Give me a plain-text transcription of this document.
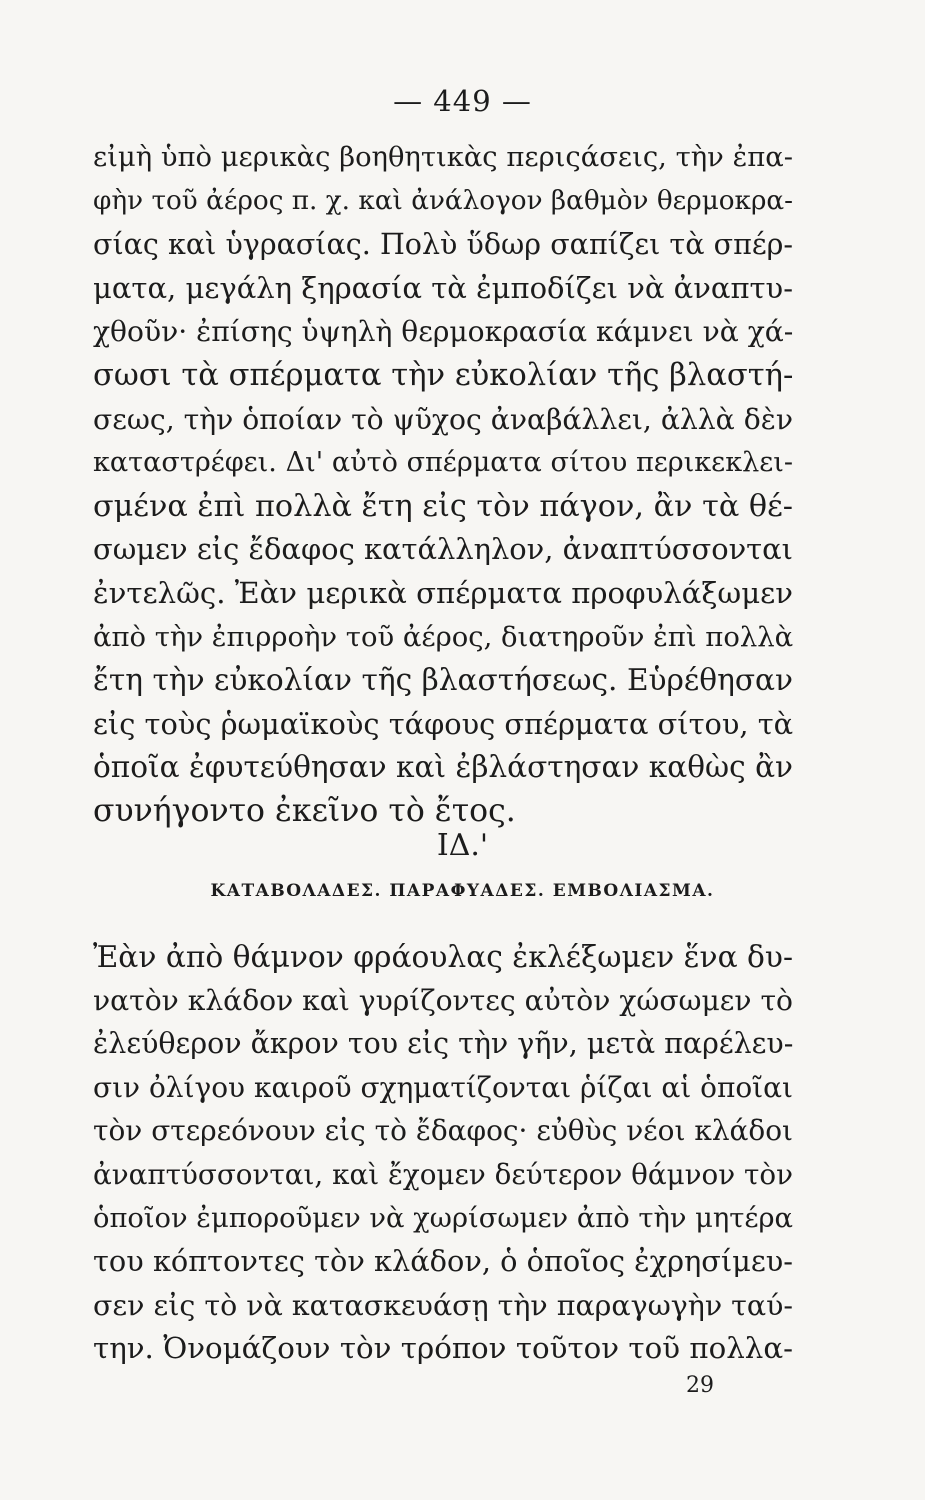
— 449 —
εἰμὴ ὑπὸ μερικὰς βοηθητικὰς περιςάσεις, τὴν ἐπα-
φὴν τοῦ ἀέρος π. χ. καὶ ἀνάλογον βαθμὸν θερμοκρα-
σίας καὶ ὑγρασίας. Πολὺ ὕδωρ σαπίζει τὰ σπέρ-
ματα, μεγάλη ξηρασία τὰ ἐμποδίζει νὰ ἀναπτυ-
χθοῦν· ἐπίσης ὑψηλὴ θερμοκρασία κάμνει νὰ χά-
σωσι τὰ σπέρματα τὴν εὐκολίαν τῆς βλαστή-
σεως, τὴν ὁποίαν τὸ ψῦχος ἀναβάλλει, ἀλλὰ δὲν
καταστρέφει. Δι' αὐτὸ σπέρματα σίτου περικεκλει-
σμένα ἐπὶ πολλὰ ἔτη εἰς τὸν πάγον, ἂν τὰ θέ-
σωμεν εἰς ἔδαφος κατάλληλον, ἀναπτύσσονται
ἐντελῶς. Ἐὰν μερικὰ σπέρματα προφυλάξωμεν
ἀπὸ τὴν ἐπιρροὴν τοῦ ἀέρος, διατηροῦν ἐπὶ πολλὰ
ἔτη τὴν εὐκολίαν τῆς βλαστήσεως. Εὑρέθησαν
εἰς τοὺς ῥωμαϊκοὺς τάφους σπέρματα σίτου, τὰ
ὁποῖα ἐφυτεύθησαν καὶ ἐβλάστησαν καθὼς ἂν
συνήγοντο ἐκεῖνο τὸ ἔτος.
ΙΔ.'
ΚΑΤΑΒΟΛΑΔΕΣ. ΠΑΡΑΦΥΑΔΕΣ. ΕΜΒΟΛΙΑΣΜΑ.
Ἐὰν ἀπὸ θάμνον φράουλας ἐκλέξωμεν ἕνα δυ-
νατὸν κλάδον καὶ γυρίζοντες αὐτὸν χώσωμεν τὸ
ἐλεύθερον ἄκρον του εἰς τὴν γῆν, μετὰ παρέλευ-
σιν ὀλίγου καιροῦ σχηματίζονται ῥίζαι αἱ ὁποῖαι
τὸν στερεόνουν εἰς τὸ ἔδαφος· εὐθὺς νέοι κλάδοι
ἀναπτύσσονται, καὶ ἔχομεν δεύτερον θάμνον τὸν
ὁποῖον ἐμποροῦμεν νὰ χωρίσωμεν ἀπὸ τὴν μητέρα
του κόπτοντες τὸν κλάδον, ὁ ὁποῖος ἐχρησίμευ-
σεν εἰς τὸ νὰ κατασκευάσῃ τὴν παραγωγὴν ταύ-
την. Ὀνομάζουν τὸν τρόπον τοῦτον τοῦ πολλα-
29
